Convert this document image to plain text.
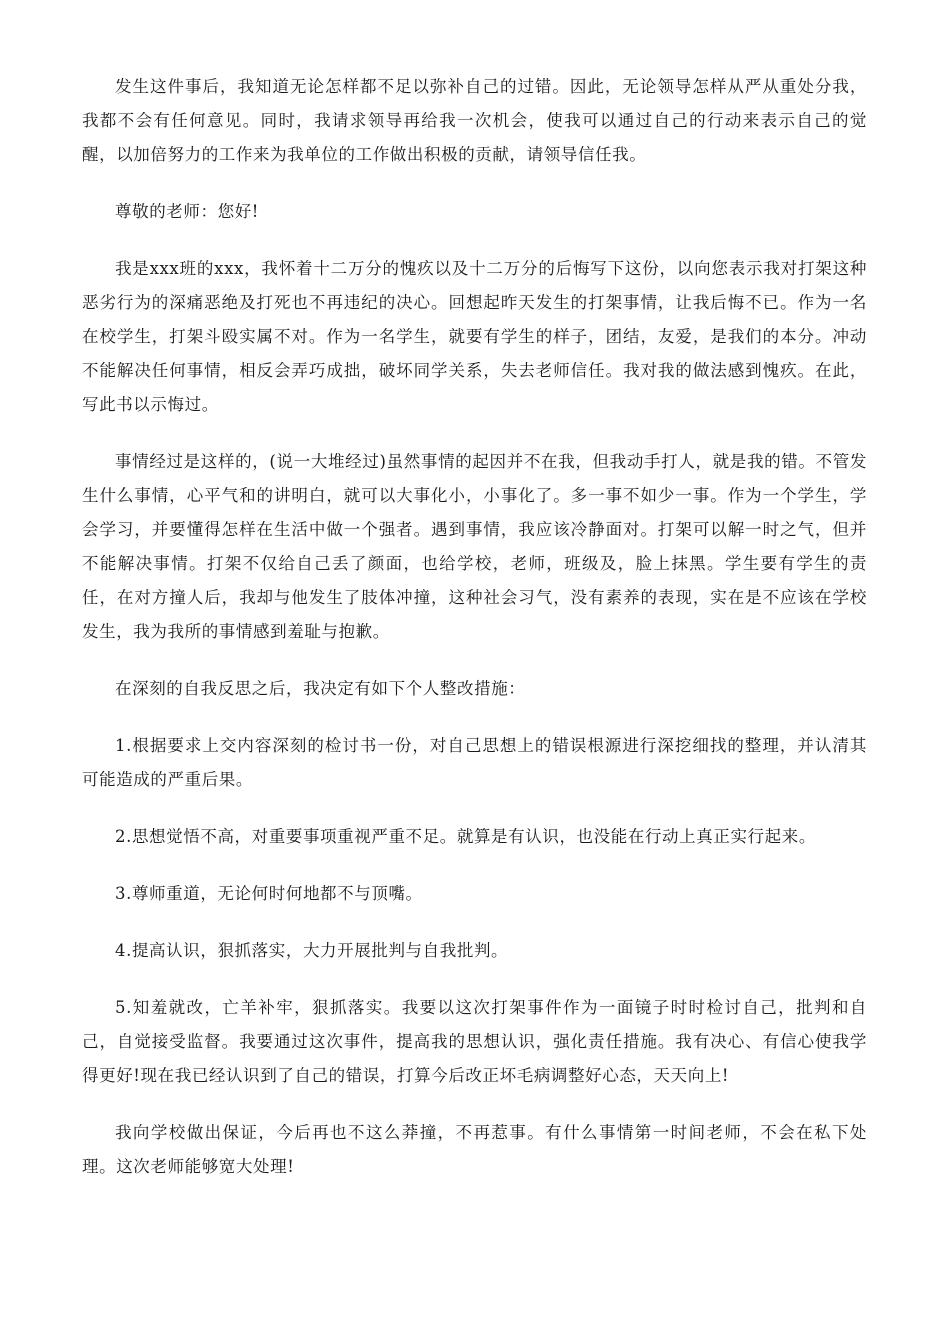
发生这件事后，我知道无论怎样都不足以弥补自己的过错。因此，无论领导怎样从严从重处分我，我都不会有任何意见。同时，我请求领导再给我一次机会，使我可以通过自己的行动来表示自己的觉醒，以加倍努力的工作来为我单位的工作做出积极的贡献，请领导信任我。

尊敬的老师：您好!

我是xxx班的xxx，我怀着十二万分的愧疚以及十二万分的后悔写下这份，以向您表示我对打架这种恶劣行为的深痛恶绝及打死也不再违纪的决心。回想起昨天发生的打架事情，让我后悔不已。作为一名在校学生，打架斗殴实属不对。作为一名学生，就要有学生的样子，团结，友爱，是我们的本分。冲动不能解决任何事情，相反会弄巧成拙，破坏同学关系，失去老师信任。我对我的做法感到愧疚。在此，写此书以示悔过。

事情经过是这样的，(说一大堆经过)虽然事情的起因并不在我，但我动手打人，就是我的错。不管发生什么事情，心平气和的讲明白，就可以大事化小，小事化了。多一事不如少一事。作为一个学生，学会学习，并要懂得怎样在生活中做一个强者。遇到事情，我应该冷静面对。打架可以解一时之气，但并不能解决事情。打架不仅给自己丢了颜面，也给学校，老师，班级及，脸上抹黑。学生要有学生的责任，在对方撞人后，我却与他发生了肢体冲撞，这种社会习气，没有素养的表现，实在是不应该在学校发生，我为我所的事情感到羞耻与抱歉。

在深刻的自我反思之后，我决定有如下个人整改措施：

1.根据要求上交内容深刻的检讨书一份，对自己思想上的错误根源进行深挖细找的整理，并认清其可能造成的严重后果。

2.思想觉悟不高，对重要事项重视严重不足。就算是有认识，也没能在行动上真正实行起来。

3.尊师重道，无论何时何地都不与顶嘴。

4.提高认识，狠抓落实，大力开展批判与自我批判。

5.知羞就改，亡羊补牢，狠抓落实。我要以这次打架事件作为一面镜子时时检讨自己，批判和自己，自觉接受监督。我要通过这次事件，提高我的思想认识，强化责任措施。我有决心、有信心使我学得更好!现在我已经认识到了自己的错误，打算今后改正坏毛病调整好心态，天天向上!

我向学校做出保证，今后再也不这么莽撞，不再惹事。有什么事情第一时间老师，不会在私下处理。这次老师能够宽大处理!
